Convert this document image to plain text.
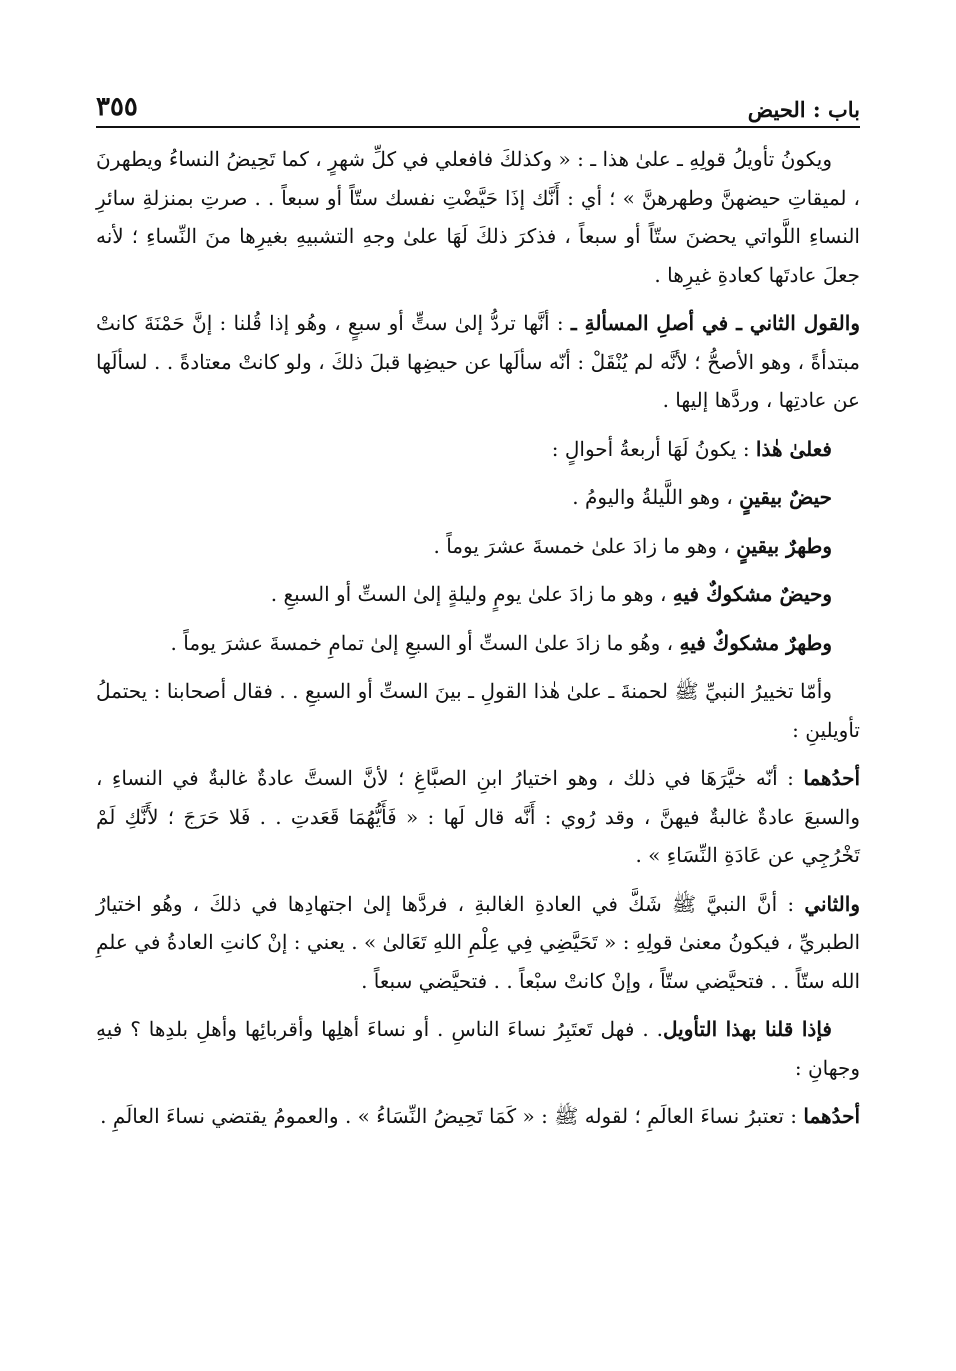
باب : الحيض
٣٥٥

ويكونُ تأويلُ قولِهِ ـ علىٰ هذا ـ : « وكذلكَ فافعلي في كلِّ شهرٍ ، كما تَحِيضُ النساءُ ويطهرنَ ، لميقاتِ حيضهنَّ وطهرهنَّ » ؛ أي : أَنَّك إذَا حَيَّضْتِ نفسك ستّاً أو سبعاً . . صرتِ بمنزلةِ سائرِ النساءِ اللَّواتي يحضنَ ستّاً أو سبعاً ، فذكرَ ذلكَ لَهَا علىٰ وجهِ التشبيهِ بغيرِها منَ النِّساءِ ؛ لأنه جعلَ عادتَها كعادةِ غيرِها .

والقول الثاني ـ في أصلِ المسألةِ ـ : أنَّها تردُّ إلىٰ ستٍّ أو سبعٍ ، وهُو إذا قُلنا : إنَّ حَمْنَةَ كانتْ مبتدأةً ، وهو الأصحُّ ؛ لأنَّه لم يُنْقَلْ : أنّه سألَها عن حيضِها قبلَ ذلكَ ، ولو كانتْ معتادةً . . لسألَها عن عادتِها ، وردَّها إليها .

فعلىٰ هٰذا : يكونُ لَهَا أربعةُ أحوالٍ :

حيضٌ بيقينٍ ، وهو اللَّيلةُ واليومُ .

وطهرٌ بيقينٍ ، وهو ما زادَ علىٰ خمسةَ عشرَ يوماً .

وحيضٌ مشكوكٌ فيهِ ، وهو ما زادَ علىٰ يومٍ وليلةٍ إلىٰ الستِّ أو السبعِ .

وطهرٌ مشكوكٌ فيهِ ، وهُو ما زادَ علىٰ الستِّ أو السبعِ إلىٰ تمامِ خمسةَ عشرَ يوماً .

وأمّا تخييرُ النبيِّ ﷺ لحمنةَ ـ علىٰ هٰذا القولِ ـ بينَ الستِّ أو السبعِ . . فقال أصحابنا : يحتملُ تأويلينِ :

أحدُهما : أنّه خيَّرَهَا في ذلك ، وهو اختيارُ ابنِ الصبَّاغِ ؛ لأنَّ الستَّ عادةٌ غالبةٌ في النساءِ ، والسبعَ عادةٌ غالبةٌ فيهنَّ ، وقد رُوي : أَنَّه قال لَها : « فَأَيُّهُمَا قَعَدتِ . . فَلا حَرَجَ ؛ لأَنَّكِ لَمْ تَخْرُجِي عن عَادَةِ النِّسَاءِ » .

والثاني : أنَّ النبيَّ ﷺ شَكَّ في العادةِ الغالبةِ ، فردَّها إلىٰ اجتهادِها في ذلكَ ، وهُو اختيارُ الطبريِّ ، فيكونُ معنىٰ قولِهِ : « تَحَيَّضِي فِي عِلْمِ اللهِ تَعَالىٰ » . يعني : إنْ كانتِ العادةُ في علمِ الله ستّاً . . فتحيَّضي ستّاً ، وإنْ كانتْ سبْعاً . . فتحيَّضي سبعاً .

فإذا قلنا بهذا التأويل. . فهل تَعتَبِرُ نساءَ الناسِ . أو نساءَ أهلِها وأقربائِها وأهلِ بلدِها ؟ فيهِ وجهانِ :

أحدُهما : تعتبرُ نساءَ العالَمِ ؛ لقوله ﷺ : « كَمَا تَحِيضُ النِّسَاءُ » . والعمومُ يقتضي نساءَ العالَمِ .
